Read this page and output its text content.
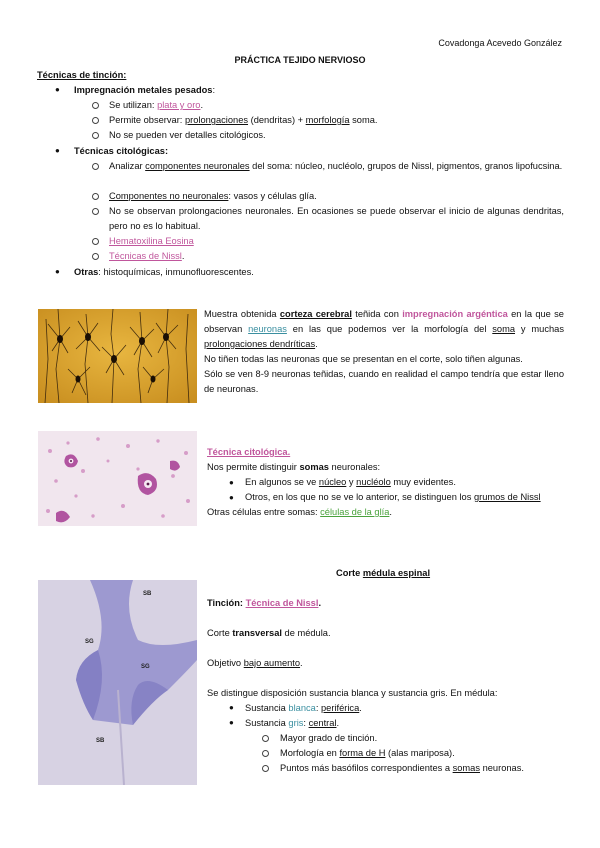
Covadonga Acevedo González
PRÁCTICA TEJIDO NERVIOSO
Técnicas de tinción:
● Impregnación metales pesados:
Se utilizan: plata y oro.
Permite observar: prolongaciones (dendritas) + morfología soma.
No se pueden ver detalles citológicos.
● Técnicas citológicas:
Analizar componentes neuronales del soma: núcleo, nucléolo, grupos de Nissl, pigmentos, granos lipofucsina.
Componentes no neuronales: vasos y células glía.
No se observan prolongaciones neuronales. En ocasiones se puede observar el inicio de algunas dendritas, pero no es lo habitual.
Hematoxilina Eosina
Técnicas de Nissl.
● Otras: histoquímicas, inmunofluorescentes.
Muestra obtenida corteza cerebral teñida con impregnación argéntica en la que se observan neuronas en las que podemos ver la morfología del soma y muchas prolongaciones dendríticas.
No tiñen todas las neuronas que se presentan en el corte, solo tiñen algunas.
Sólo se ven 8-9 neuronas teñidas, cuando en realidad el campo tendría que estar lleno de neuronas.
Técnica citológica.
Nos permite distinguir somas neuronales:
● En algunos se ve núcleo y nucléolo muy evidentes.
● Otros, en los que no se ve lo anterior, se distinguen los grumos de Nissl
Otras células entre somas: células de la glía.
Corte médula espinal
SB
SG
SG
SB
Tinción: Técnica de Nissl.
Corte transversal de médula.
Objetivo bajo aumento.
Se distingue disposición sustancia blanca y sustancia gris. En médula:
● Sustancia blanca: periférica.
● Sustancia gris: central.
Mayor grado de tinción.
Morfología en forma de H (alas mariposa).
Puntos más basófilos correspondientes a somas neuronas.
